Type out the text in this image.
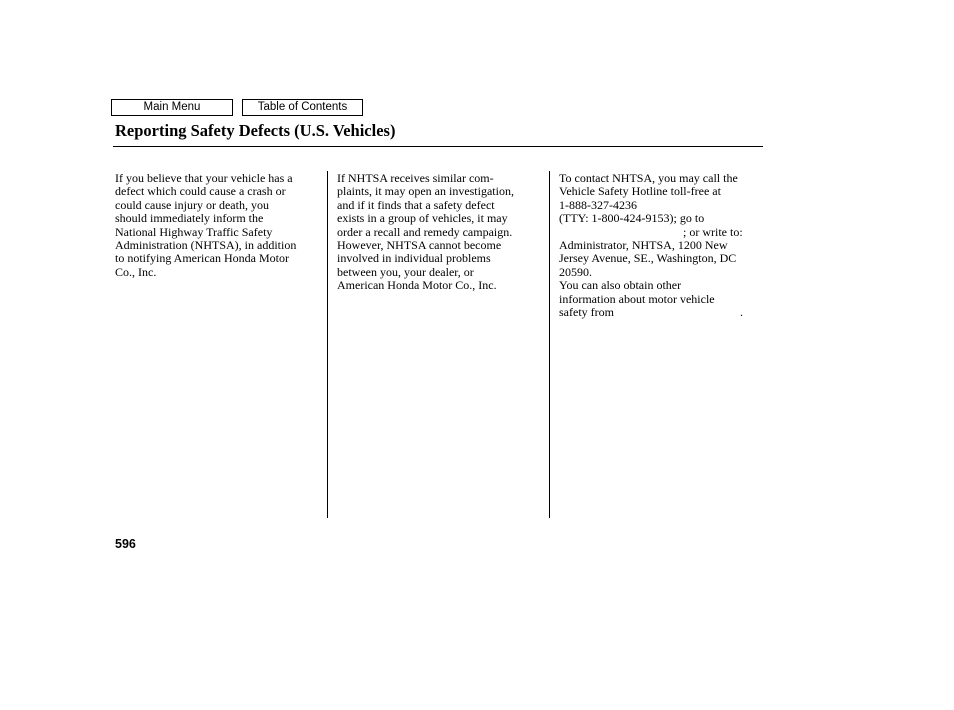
Main Menu	Table of Contents
Reporting Safety Defects (U.S. Vehicles)
If you believe that your vehicle has a
defect which could cause a crash or
could cause injury or death, you
should immediately inform the
National Highway Traffic Safety
Administration (NHTSA), in addition
to notifying American Honda Motor
Co., Inc.
If NHTSA receives similar com-
plaints, it may open an investigation,
and if it finds that a safety defect
exists in a group of vehicles, it may
order a recall and remedy campaign.
However, NHTSA cannot become
involved in individual problems
between you, your dealer, or
American Honda Motor Co., Inc.
To contact NHTSA, you may call the
Vehicle Safety Hotline toll-free at
1-888-327-4236
(TTY: 1-800-424-9153); go to
; or write to:
Administrator, NHTSA, 1200 New
Jersey Avenue, SE., Washington, DC
20590.
You can also obtain other
information about motor vehicle
safety from	.
596
